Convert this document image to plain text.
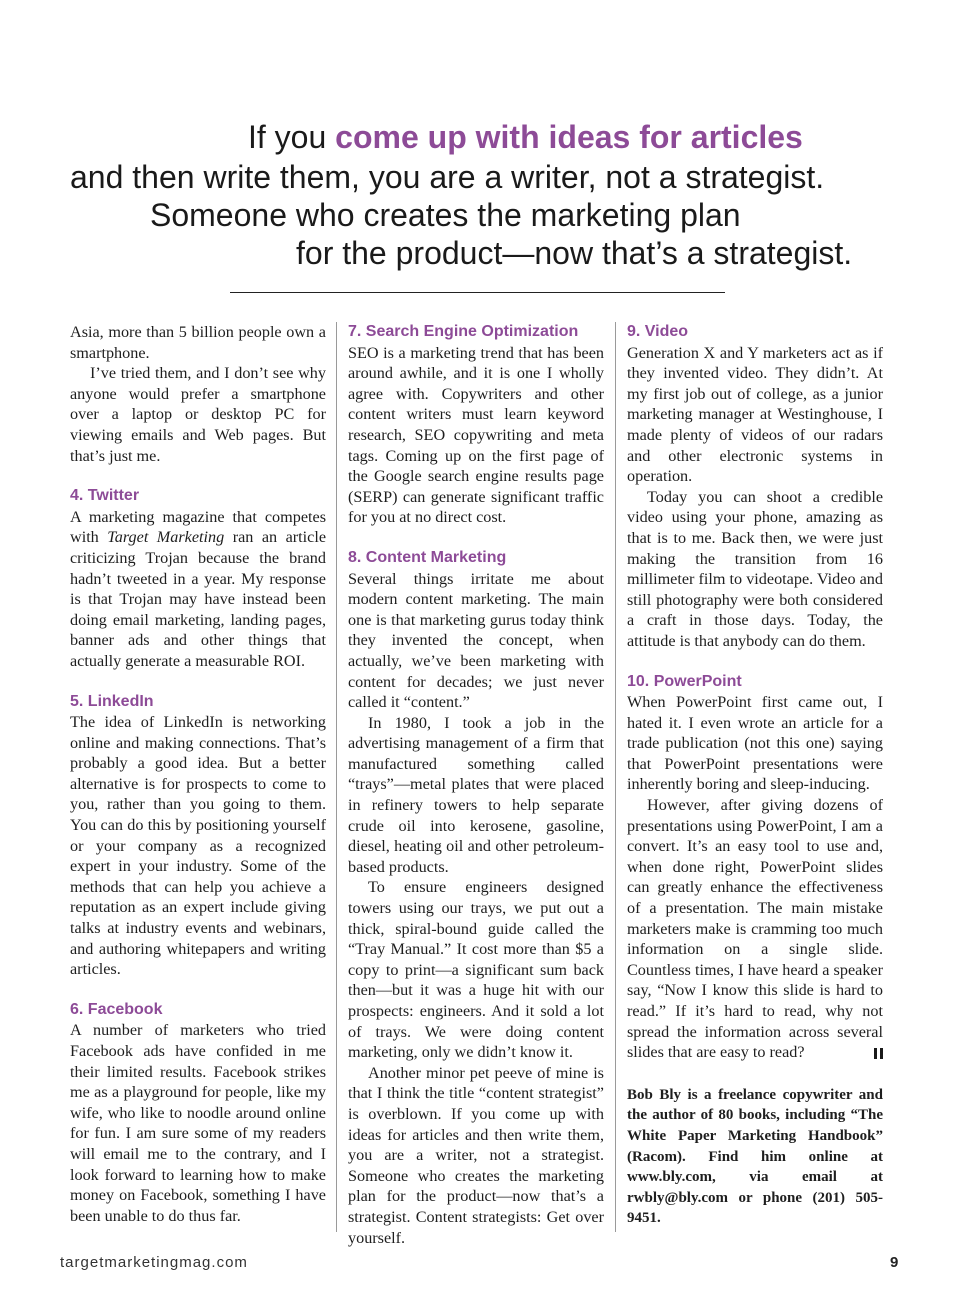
If you come up with ideas for articles
and then write them, you are a writer, not a strategist.
Someone who creates the marketing plan
for the product—now that’s a strategist.

Asia, more than 5 billion people own a smartphone.

I’ve tried them, and I don’t see why anyone would prefer a smartphone over a laptop or desktop PC for viewing emails and Web pages. But that’s just me.

4. Twitter

A marketing magazine that competes with Target Marketing ran an article criticizing Trojan because the brand hadn’t tweeted in a year. My response is that Trojan may have instead been doing email marketing, landing pages, banner ads and other things that actually generate a measurable ROI.

5. LinkedIn

The idea of LinkedIn is networking online and making connections. That’s probably a good idea. But a better alternative is for prospects to come to you, rather than you going to them. You can do this by positioning yourself or your company as a recognized expert in your industry. Some of the methods that can help you achieve a reputation as an expert include giving talks at industry events and webinars, and authoring whitepapers and writing articles.

6. Facebook

A number of marketers who tried Facebook ads have confided in me their limited results. Facebook strikes me as a playground for people, like my wife, who like to noodle around online for fun. I am sure some of my readers will email me to the contrary, and I look forward to learning how to make money on Facebook, something I have been unable to do thus far.

7. Search Engine Optimization

SEO is a marketing trend that has been around awhile, and it is one I wholly agree with. Copywriters and other content writers must learn keyword research, SEO copywriting and meta tags. Coming up on the first page of the Google search engine results page (SERP) can generate significant traffic for you at no direct cost.

8. Content Marketing

Several things irritate me about modern content marketing. The main one is that marketing gurus today think they invented the concept, when actually, we’ve been marketing with content for decades; we just never called it “content.”

In 1980, I took a job in the advertising management of a firm that manufactured something called “trays”—metal plates that were placed in refinery towers to help separate crude oil into kerosene, gasoline, diesel, heating oil and other petroleum-based products.

To ensure engineers designed towers using our trays, we put out a thick, spiral-bound guide called the “Tray Manual.” It cost more than $5 a copy to print—a significant sum back then—but it was a huge hit with our prospects: engineers. And it sold a lot of trays. We were doing content marketing, only we didn’t know it.

Another minor pet peeve of mine is that I think the title “content strategist” is overblown. If you come up with ideas for articles and then write them, you are a writer, not a strategist. Someone who creates the marketing plan for the product—now that’s a strategist. Content strategists: Get over yourself.

9. Video

Generation X and Y marketers act as if they invented video. They didn’t. At my first job out of college, as a junior marketing manager at Westinghouse, I made plenty of videos of our radars and other electronic systems in operation.

Today you can shoot a credible video using your phone, amazing as that is to me. Back then, we were just making the transition from 16 millimeter film to videotape. Video and still photography were both considered a craft in those days. Today, the attitude is that anybody can do them.

10. PowerPoint

When PowerPoint first came out, I hated it. I even wrote an article for a trade publication (not this one) saying that PowerPoint presentations were inherently boring and sleep-inducing.

However, after giving dozens of presentations using PowerPoint, I am a convert. It’s an easy tool to use and, when done right, PowerPoint slides can greatly enhance the effectiveness of a presentation. The main mistake marketers make is cramming too much information on a single slide. Countless times, I have heard a speaker say, “Now I know this slide is hard to read.” If it’s hard to read, why not spread the information across several slides that are easy to read?

Bob Bly is a freelance copywriter and the author of 80 books, including “The White Paper Marketing Handbook” (Racom). Find him online at www.bly.com, via email at rwbly@bly.com or phone (201) 505-9451.
targetmarketingmag.com	9
